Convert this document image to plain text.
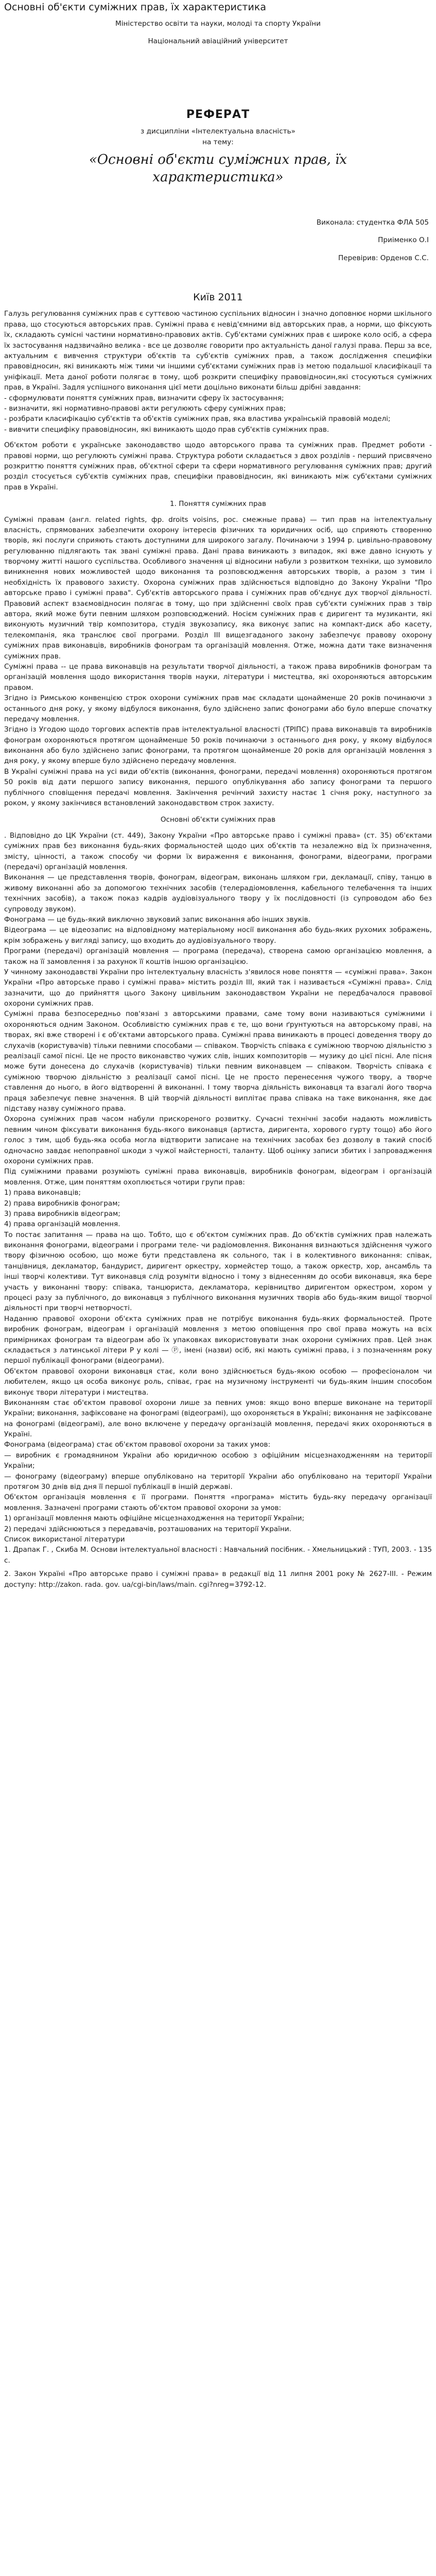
Основні об'єкти суміжних прав, їх характеристика

Міністерство освіти та науки, молоді та спорту України

Національний авіаційний університет

РЕФЕРАТ

з дисципліни «Інтелектуальна власність»

на тему:

«Основні об'єкти суміжних прав, їх характеристика»

Виконала: студентка ФЛА 505

Приіменко О.І

Перевірив: Орденов С.С.

Київ 2011

Галузь регулювання суміжних прав є суттєвою частиною суспільних відносин і значно доповнює норми шкільного права, що стосуються авторських прав. Суміжні права є невід'ємними від авторських прав, а норми, що фіксують їх, складають сумісні частини нормативно-правових актів. Суб'єктами суміжних прав є широке коло осіб, а сфера їх застосування надзвичайно велика - все це дозволяє говорити про актуальність даної галузі права. Перш за все, актуальним є вивчення структури об'єктів та суб'єктів суміжних прав, а також дослідження специфіки правовідносин, які виникають між тими чи іншими суб'єктами суміжних прав із метою подальшої класифікації та уніфікації. Мета даної роботи полягає в тому, щоб розкрити специфіку правовідносин,які стосуються суміжних прав, в Україні. Задля успішного виконання цієї мети доцільно виконати більш дрібні завдання:

- сформулювати поняття суміжних прав, визначити сферу їх застосування;

- визначити, які нормативно-правові акти регулюють сферу суміжних прав;

- розбрати класифікацію суб'єктів та об'єктів суміжних прав, яка властива українській правовій моделі;

- вивчити специфіку правовідносин, які виникають щодо прав суб'єктів суміжних прав.

Об'єктом роботи є українське законодавство щодо авторського права та суміжних прав. Предмет роботи - правові норми, що регулюють суміжні права. Структура роботи складається з двох розділів - перший присвячено розкриттю поняття суміжних прав, об'єктної сфери та сфери нормативного регулювання суміжних прав; другий розділ стосується суб'єктів суміжних прав, специфіки правовідносин, які виникають між суб'єктами суміжних прав в Україні.

1. Поняття суміжних прав

Суміжні правам (англ. related rights, фр. droits voisins, рос. смежные права) — тип прав на інтелектуальну власність, спрямованих забезпечити охорону інтересів фізичних та юридичних осіб, що сприяють створенню творів, які послуги сприяють стають доступними для широкого загалу. Починаючи з 1994 р. цивільно-правовому регулюванню підлягають так звані суміжні права. Дані права виникають з випадок, які вже давно існують у творчому житті нашого суспільства. Особливого значення ці відносини набули з розвитком техніки, що зумовило виникнення нових можливостей щодо виконання та розповсюдження авторських творів, а разом з тим і необхідність їх правового захисту. Охорона суміжних прав здійснюється відповідно до Закону України "Про авторське право і суміжні права". Суб'єктів авторського права і суміжних прав об'єднує дух творчої діяльності. Правовий аспект взаємовідносин полягає в тому, що при здійсненні своїх прав суб'єкти суміжних прав з твір автора, який може бути певним шляхом розповсюджений. Носієм суміжних прав є диригент та музиканти, які виконують музичний твір композитора, студія звукозапису, яка виконує запис на компакт-диск або касету, телекомпанія, яка транслює свої програми. Розділ III вищезгаданого закону забезпечує правову охорону суміжних прав виконавців, виробників фонограм та організацій мовлення. Отже, можна дати таке визначення суміжних прав.

Суміжні права -- це права виконавців на результати творчої діяльності, а також права виробників фонограм та організацій мовлення щодо використання творів науки, літератури і мистецтва, які охороняються авторським правом.

Згідно із Римською конвенцією строк охорони суміжних прав має складати щонайменше 20 років починаючи з останнього дня року, у якому відбулося виконання, було здійснено запис фонограми або було вперше спочатку передачу мовлення.

Згідно із Угодою щодо торгових аспектів прав інтелектуальної власності (ТРІПС) права виконавців та виробників фонограм охороняються протягом щонайменше 50 років починаючи з останнього дня року, у якому відбулося виконання або було здійснено запис фонограми, та протягом щонайменше 20 років для організацій мовлення з дня року, у якому вперше було здійснено передачу мовлення.

В Українi суміжні права на усі види об'єктів (виконання, фонограми, передачі мовлення) охороняються протягом 50 років від дати першого запису виконання, першого опублікування або запису фонограми та першого публічного сповіщення передачі мовлення. Закінчення речінчий захисту настає 1 січня року, наступного за роком, у якому закінчився встановлений законодавством строк захисту.

Основні об'єкти суміжних прав

. Відповідно до ЦК України (ст. 449), Закону України «Про авторське право і суміжні права» (ст. 35) об'єктами суміжних прав без виконання будь-яких формальностей щодо цих об'єктів та незалежно від їх призначення, змісту, цінності, а також способу чи форми їх вираження є виконання, фонограми, відеограми, програми (передачі) організацій мовлення.

Виконання — це представлення творів, фонограм, відеограм, виконань шляхом гри, декламації, співу, танцю в живому виконанні або за допомогою технічних засобів (телерадіомовлення, кабельного телебачення та інших технічних засобів), а також показ кадрів аудіовізуального твору у їх послідовності (із супроводом або без супроводу звуком).

Фонограма — це будь-який виключно звуковий запис виконання або інших звуків.

Відеограма — це відеозапис на відповідному матеріальному носії виконання або будь-яких рухомих зображень, крім зображень у вигляді запису, що входить до аудіовізуального твору.

Програми (передачі) організацій мовлення — програма (передача), створена самою організацією мовлення, а також на її замовлення і за рахунок її коштів іншою організацією.

У чинному законодавстві України про інтелектуальну власність з'явилося нове поняття — «суміжні права». Закон України «Про авторське право і суміжні права» містить розділ III, який так і називається «Суміжні права». Слід зазначити, що до прийняття цього Закону цивільним законодавством України не передбачалося правової охорони суміжних прав.

Суміжні права безпосередньо пов'язані з авторськими правами, саме тому вони називаються суміжними і охороняються одним Законом. Особливістю суміжних прав є те, що вони ґрунтуються на авторському праві, на творах, які вже створені і є об'єктами авторського права. Суміжні права виникають в процесі доведення твору до слухачів (користувачів) тільки певними способами — співаком. Творчість співака є суміжною творчою діяльністю з реалізації самої пісні. Це не просто виконавство чужих слів, інших композиторів — музику до цієї пісні. Але пісня може бути донесена до слухачів (користувачів) тільки певним виконавцем — співаком. Творчість співака є суміжною творчою діяльністю з реалізації самої пісні. Це не просто перенесення чужого твору, а творче ставлення до нього, в його відтворенні й виконанні. І тому творча діяльність виконавця та взагалі його творча праця забезпечує певне значення. В цій творчій діяльності виплітає права співака на таке виконання, яке дає підставу назву суміжного права.

Охорона суміжних прав часом набули прискореного розвитку. Сучасні технічні засоби надають можливість певним чином фіксувати виконання будь-якого виконавця (артиста, диригента, хорового гурту тощо) або його голос з тим, щоб будь-яка особа могла відтворити записане на технічних засобах без дозволу в такий спосіб одночасно завдає непоправної шкоди з чужої майстерності, таланту. Щоб оцінку записи збитих і запровадження охорони суміжних прав.

Під суміжними правами розуміють суміжні права виконавців, виробників фонограм, відеограм і організацій мовлення. Отже, цим поняттям охоплюється чотири групи прав:

1) права виконавців;

2) права виробників фонограм;

3) права виробників відеограм;

4) права організацій мовлення.

То постає запитання — права на що. Тобто, що є об'єктом суміжних прав. До об'єктів суміжних прав належать виконання фонограми, відеограми і програми теле- чи радіомовлення. Виконання визнаються здійснення чужого твору фізичною особою, що може бути представлена як сольного, так і в колективного виконання: співак, танцівниця, декламатор, бандурист, диригент оркестру, хормейстер тощо, а також оркестр, хор, ансамбль та інші творчі колективи. Тут виконавця слід розуміти відносно і тому з віднесенням до особи виконавця, яка бере участь у виконанні твору: співака, танцюриста, декламатора, керівництво диригентом оркестром, хором у процесі разу за публічного, до виконавця з публічного виконання музичних творів або будь-яким вищої творчої діяльності при творчі нетворчості.

Наданню правової охорони об'єкта суміжних прав не потрібує виконання будь-яких формальностей. Проте виробник фонограм, відеограм і організацій мовлення з метою оповіщення про свої права можуть на всіх примірниках фонограм та відеограм або їх упаковках використовувати знак охорони суміжних прав. Цей знак складається з латинської літери P у колі — Ⓟ, імені (назви) осіб, які мають суміжні права, і з позначенням року першої публікації фонограми (відеограми).

Об'єктом правової охорони виконавця стає, коли воно здійснюється будь-якою особою — професіоналом чи любителем, якщо ця особа виконує роль, співає, грає на музичному інструменті чи будь-яким іншим способом виконує твори літератури і мистецтва.

Виконанням стає об'єктом правової охорони лише за певних умов: якщо воно вперше виконане на території України; виконання, зафіксоване на фонограмі (відеограмі), що охороняється в Україні; виконання не зафіксоване на фонограмі (відеограмі), але воно включене у передачу організацій мовлення, передачі яких охороняються в Україні.

Фонограма (відеограма) стає об'єктом правової охорони за таких умов:

— виробник є громадянином України або юридичною особою з офіційним місцезнаходженням на території України;

— фонограму (відеограму) вперше опубліковано на території України або опубліковано на території України протягом 30 днів від дня її першої публікації в іншій державі.

Об'єктом організація мовлення є її програми. Поняття «програма» містить будь-яку передачу організації мовлення. Зазначені програми стають об'єктом правової охорони за умов:

1) організації мовлення мають офіційне місцезнаходження на території України;

2) передачі здійснюються з передавачів, розташованих на території України.

Список використаної літератури

1. Драпак Г. , Скиба М. Основи інтелектуальної власності : Навчальний посібник. - Хмельницький : ТУП, 2003. - 135 с.

2. Закон Україні «Про авторське право і суміжні права» в редакції від 11 липня 2001 року № 2627-III. - Режим доступу: http://zakon. rada. gov. ua/cgi-bin/laws/main. cgi?nreg=3792-12.
